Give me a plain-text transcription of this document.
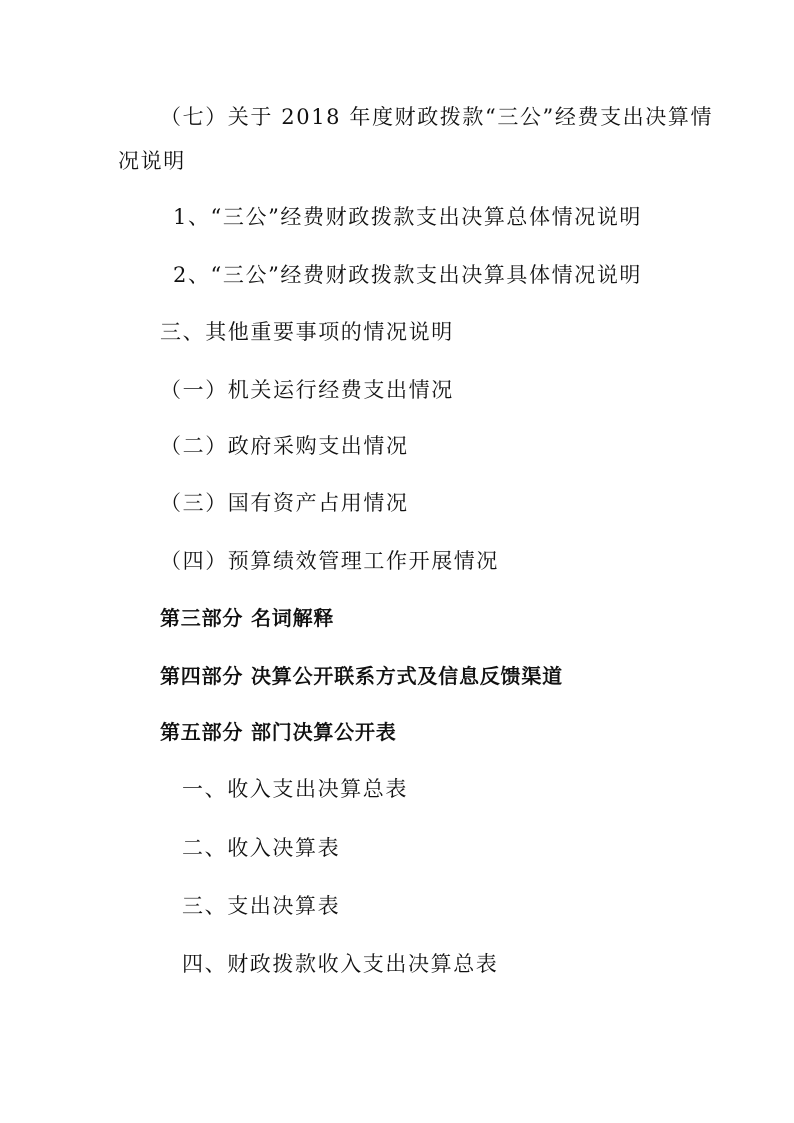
（七）关于 2018 年度财政拨款“三公”经费支出决算情
况说明
1、“三公”经费财政拨款支出决算总体情况说明
2、“三公”经费财政拨款支出决算具体情况说明
三、其他重要事项的情况说明
（一）机关运行经费支出情况
（二）政府采购支出情况
（三）国有资产占用情况
（四）预算绩效管理工作开展情况
第三部分 名词解释
第四部分 决算公开联系方式及信息反馈渠道
第五部分 部门决算公开表
一、收入支出决算总表
二、收入决算表
三、支出决算表
四、财政拨款收入支出决算总表
